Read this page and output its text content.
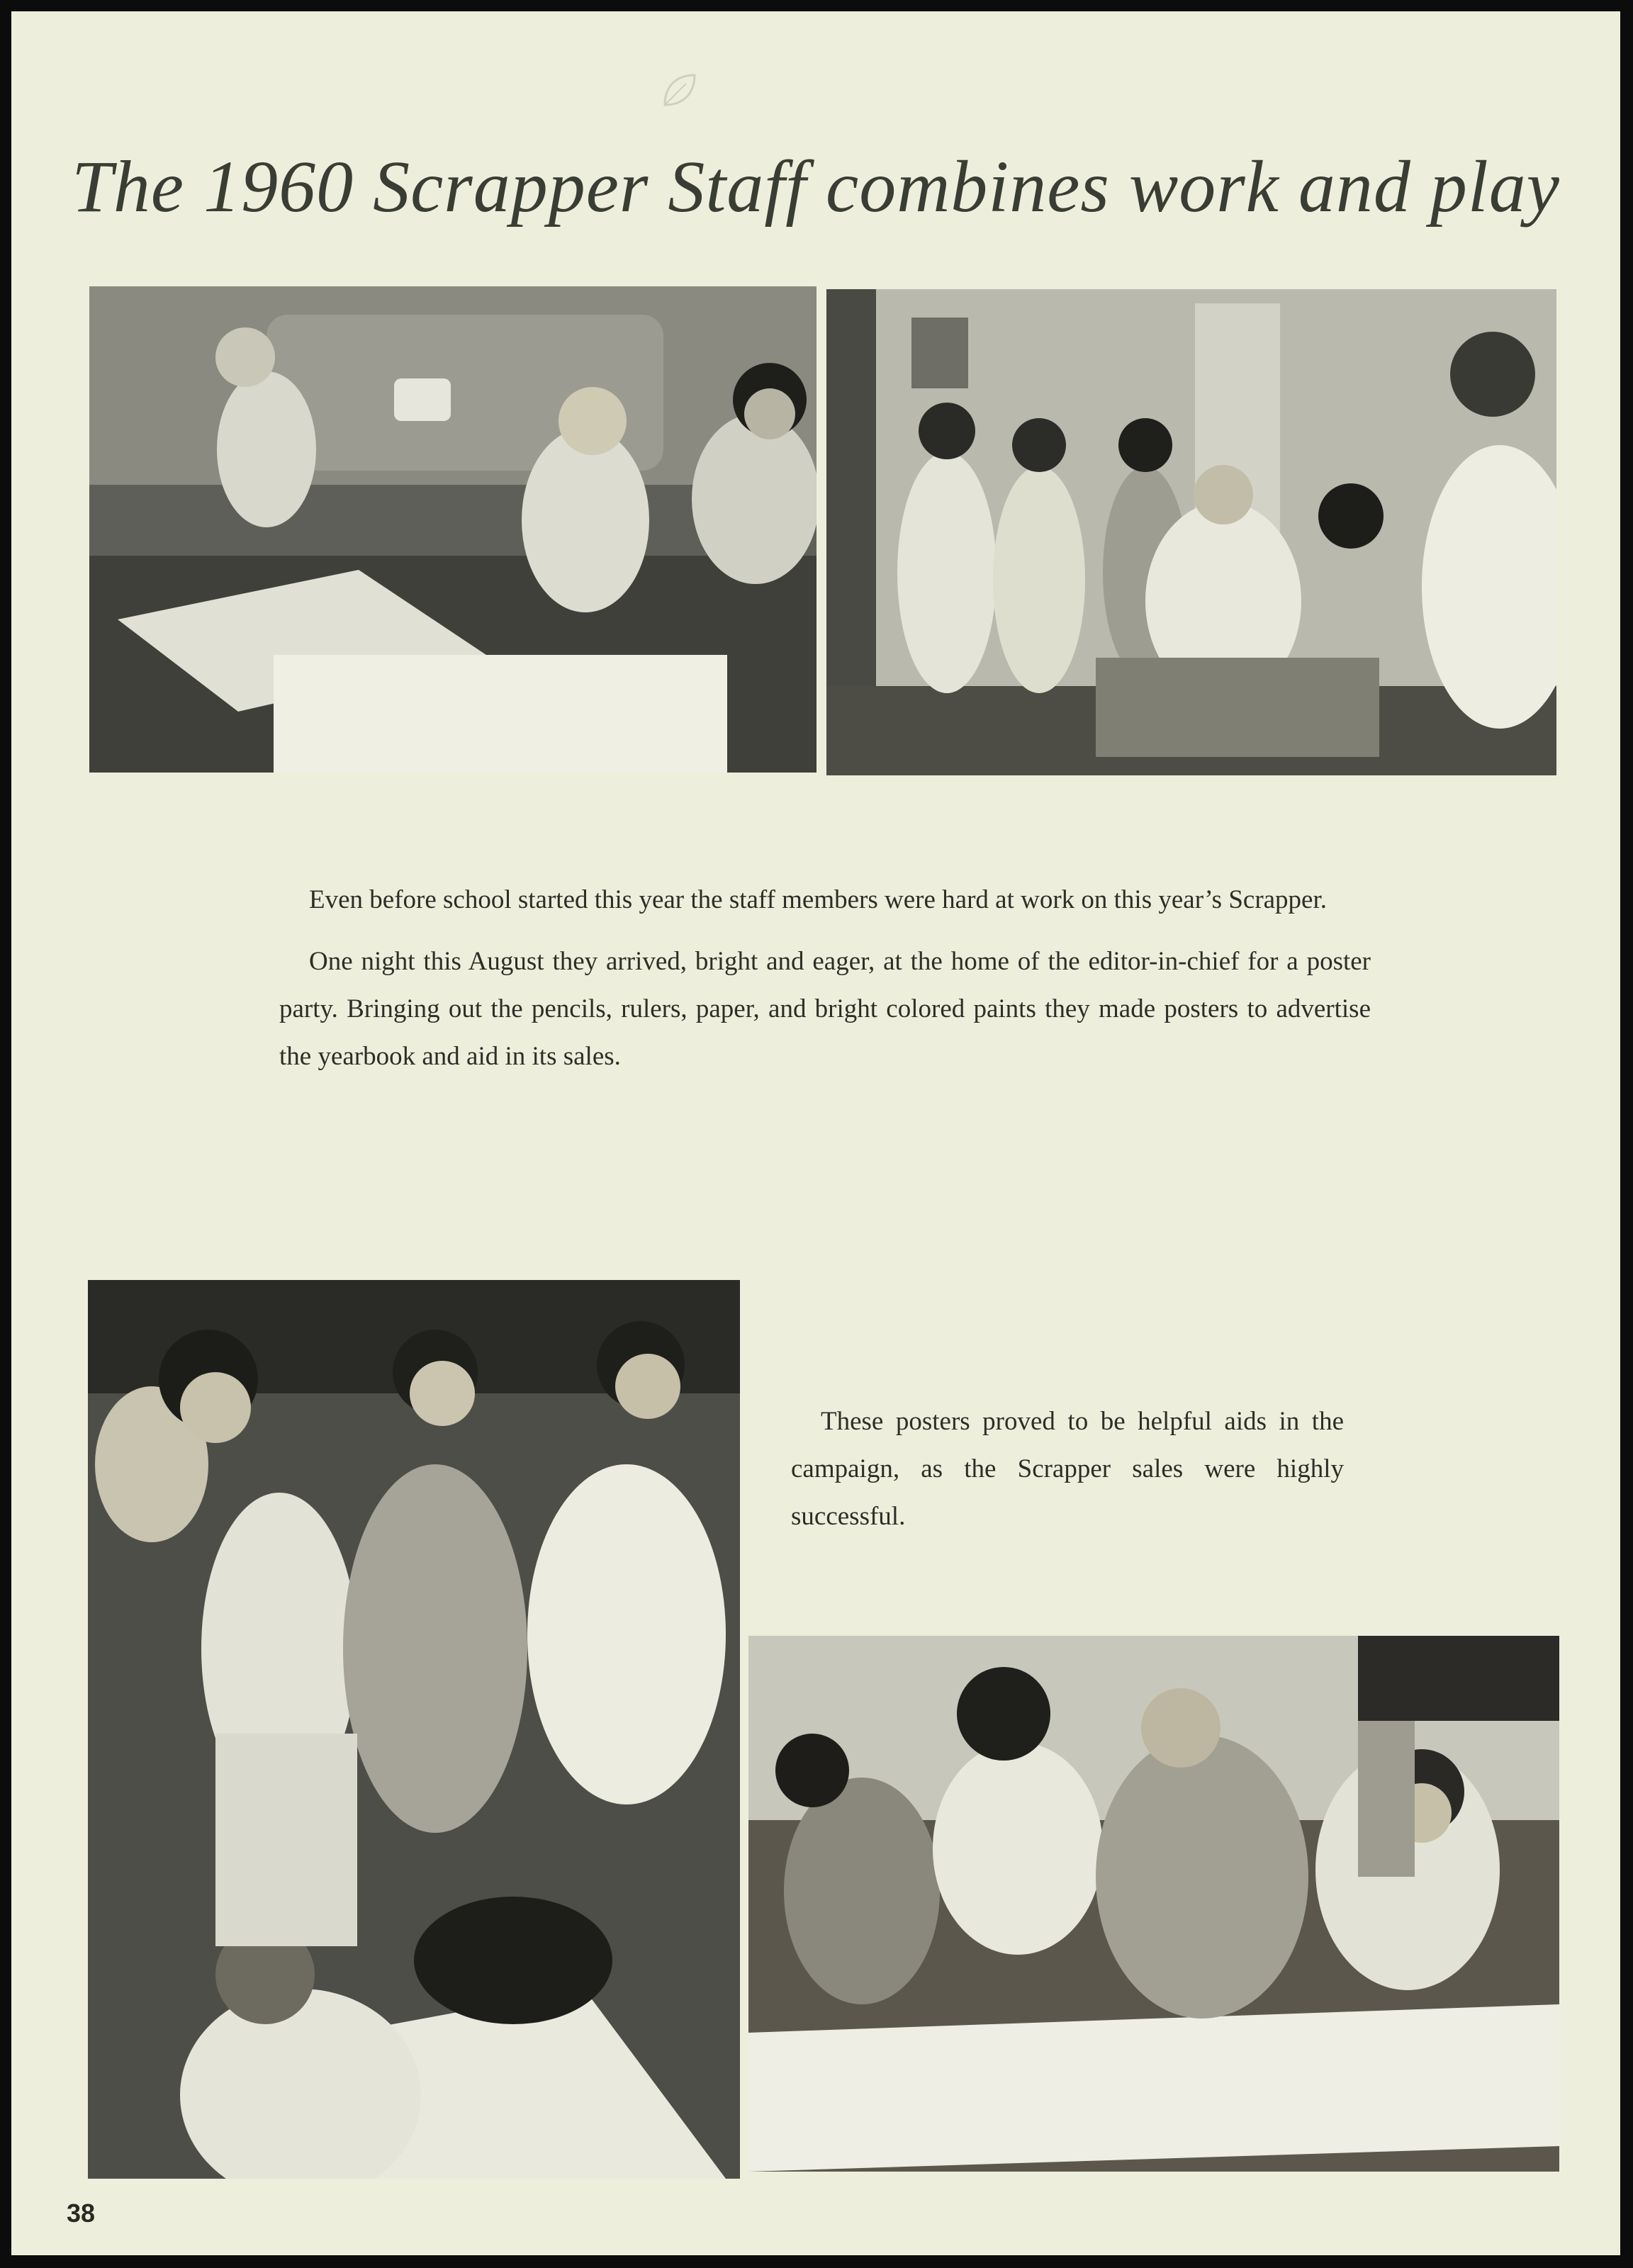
The 1960 Scrapper Staff combines work and play

Even before school started this year the staff members were hard at work on this year’s Scrapper.

One night this August they arrived, bright and eager, at the home of the editor-in-chief for a poster party. Bringing out the pencils, rulers, paper, and bright colored paints they made posters to advertise the yearbook and aid in its sales.

These posters proved to be helpful aids in the campaign, as the Scrapper sales were highly successful.

38
